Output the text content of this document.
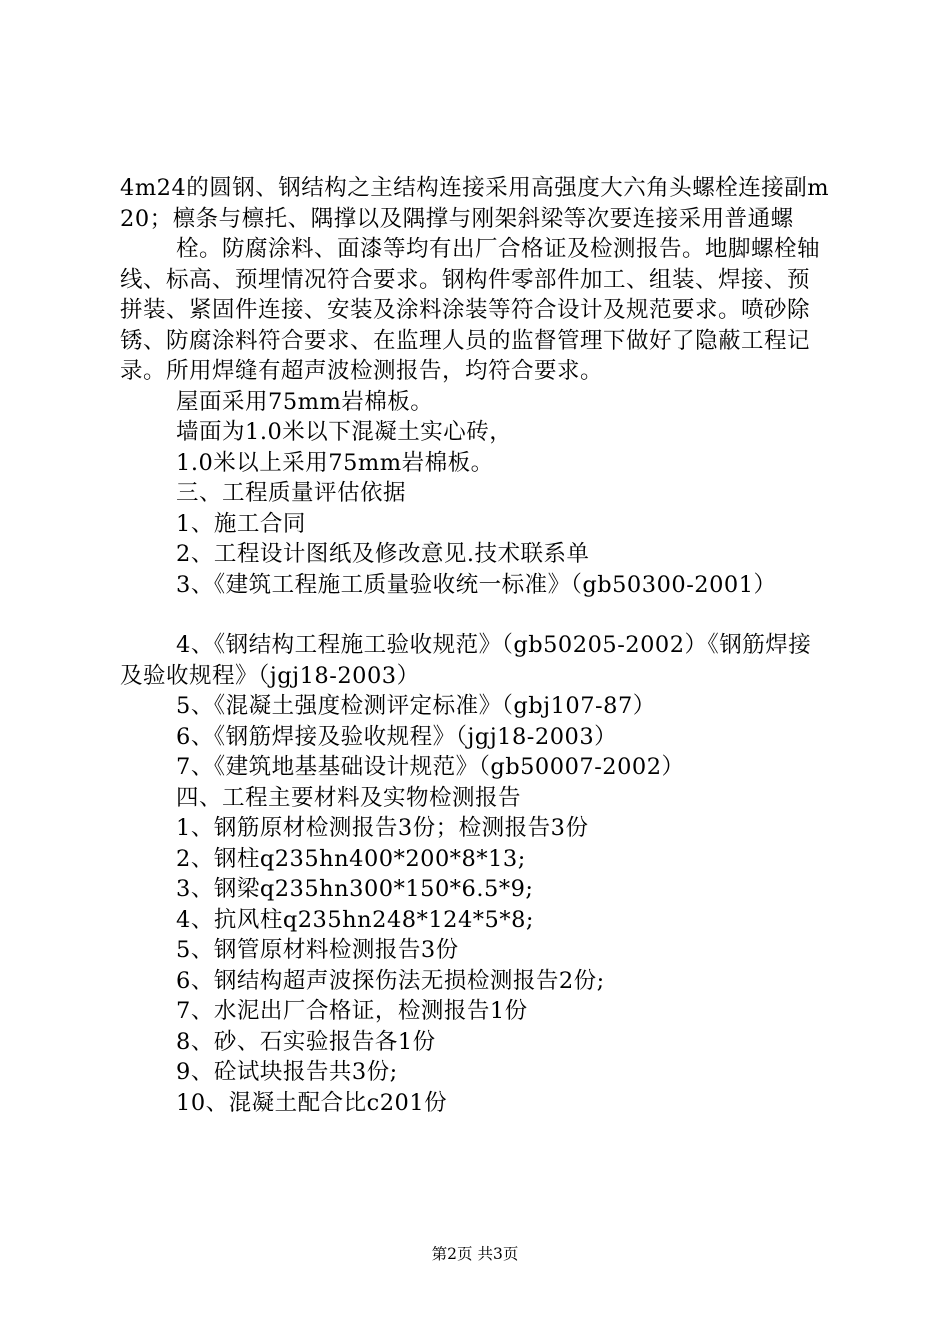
4m24的圆钢、钢结构之主结构连接采用高强度大六角头螺栓连接副m20；檩条与檩托、隅撑以及隅撑与刚架斜梁等次要连接采用普通螺

栓。防腐涂料、面漆等均有出厂合格证及检测报告。地脚螺栓轴线、标高、预埋情况符合要求。钢构件零部件加工、组装、焊接、预拼装、紧固件连接、安装及涂料涂装等符合设计及规范要求。喷砂除锈、防腐涂料符合要求、在监理人员的监督管理下做好了隐蔽工程记录。所用焊缝有超声波检测报告，均符合要求。

屋面采用75mm岩棉板。
墙面为1.0米以下混凝土实心砖，
1.0米以上采用75mm岩棉板。
三、工程质量评估依据
1、施工合同
2、工程设计图纸及修改意见.技术联系单
3、《建筑工程施工质量验收统一标准》（gb50300-2001）

4、《钢结构工程施工验收规范》（gb50205-2002）《钢筋焊接及验收规程》（jgj18-2003）

5、《混凝土强度检测评定标准》（gbj107-87）
6、《钢筋焊接及验收规程》（jgj18-2003）
7、《建筑地基基础设计规范》（gb50007-2002）
四、工程主要材料及实物检测报告
1、钢筋原材检测报告3份；检测报告3份
2、钢柱q235hn400*200*8*13;
3、钢梁q235hn300*150*6.5*9;
4、抗风柱q235hn248*124*5*8;
5、钢管原材料检测报告3份
6、钢结构超声波探伤法无损检测报告2份;
7、水泥出厂合格证，检测报告1份
8、砂、石实验报告各1份
9、砼试块报告共3份;
10、混凝土配合比c201份
第2页 共3页
